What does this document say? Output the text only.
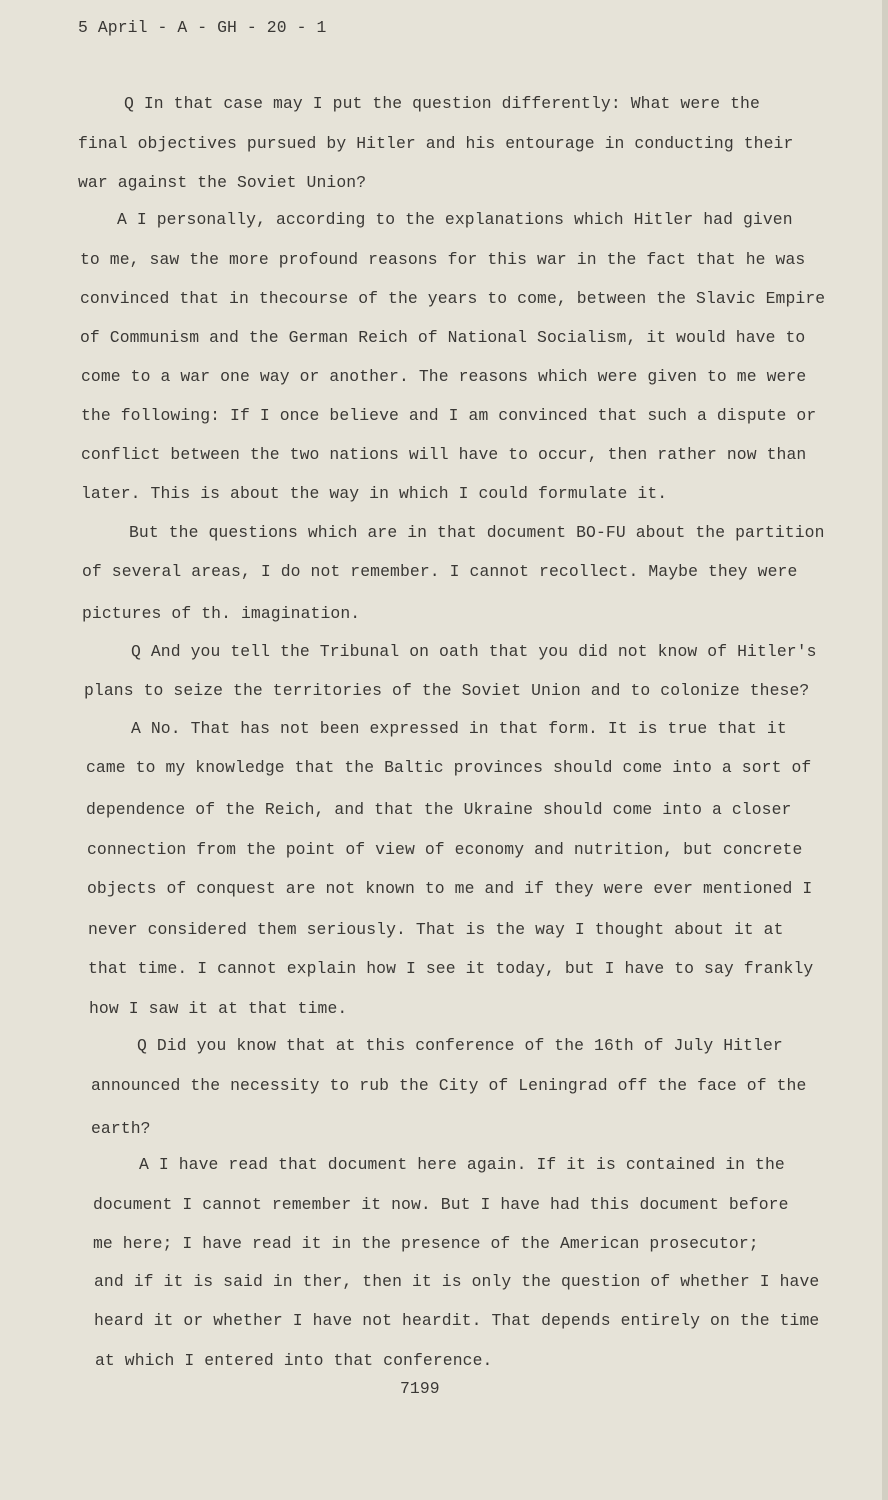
5 April - A - GH - 20 - 1
Q In that case may I put the question differently: What were the
final objectives pursued by Hitler and his entourage in conducting their
war against the Soviet Union?
A I personally, according to the explanations which Hitler had given
to me, saw the more profound reasons for this war in the fact that he was
convinced that in thecourse of the years to come, between the Slavic Empire
of Communism and the German Reich of National Socialism, it would have to
come to a war one way or another. The reasons which were given to me were
the following: If I once believe and I am convinced that such a dispute or
conflict between the two nations will have to occur, then rather now than
later. This is about the way in which I could formulate it.
But the questions which are in that document BO-FU about the partition
of several areas, I do not remember. I cannot recollect. Maybe they were
pictures of th. imagination.
Q And you tell the Tribunal on oath that you did not know of Hitler's
plans to seize the territories of the Soviet Union and to colonize these?
A No. That has not been expressed in that form. It is true that it
came to my knowledge that the Baltic provinces should come into a sort of
dependence of the Reich, and that the Ukraine should come into a closer
connection from the point of view of economy and nutrition, but concrete
objects of conquest are not known to me and if they were ever mentioned I
never considered them seriously. That is the way I thought about it at
that time. I cannot explain how I see it today, but I have to say frankly
how I saw it at that time.
Q Did you know that at this conference of the 16th of July Hitler
announced the necessity to rub the City of Leningrad off the face of the
earth?
A I have read that document here again. If it is contained in the
document I cannot remember it now. But I have had this document before
me here; I have read it in the presence of the American prosecutor;
and if it is said in ther, then it is only the question of whether I have
heard it or whether I have not heardit. That depends entirely on the time
at which I entered into that conference.
7199
